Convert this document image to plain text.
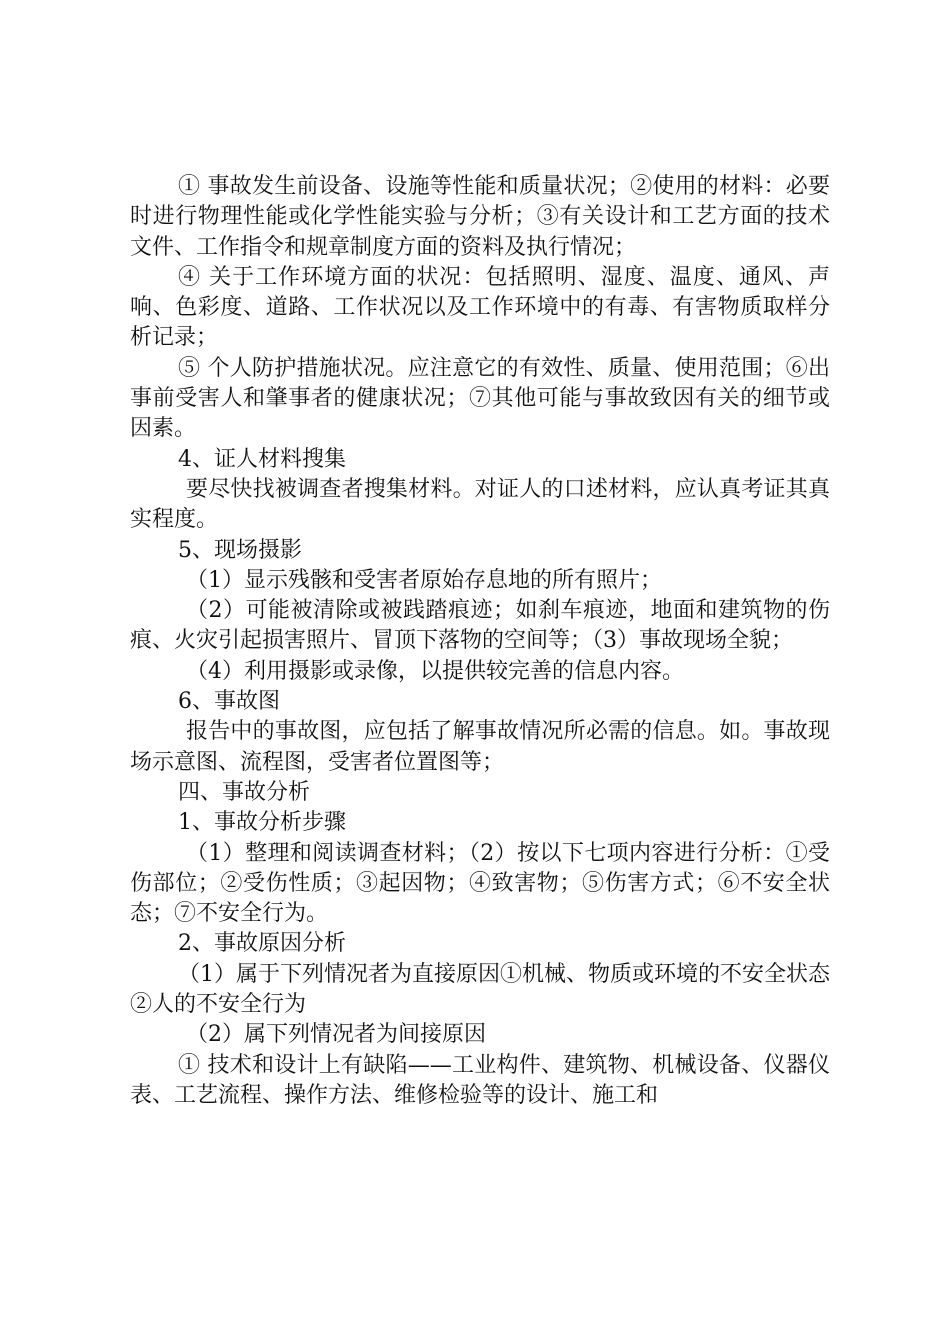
① 事故发生前设备、设施等性能和质量状况；②使用的材料：必要时进行物理性能或化学性能实验与分析；③有关设计和工艺方面的技术文件、工作指令和规章制度方面的资料及执行情况；

④ 关于工作环境方面的状况：包括照明、湿度、温度、通风、声响、色彩度、道路、工作状况以及工作环境中的有毒、有害物质取样分析记录；

⑤ 个人防护措施状况。应注意它的有效性、质量、使用范围；⑥出事前受害人和肇事者的健康状况；⑦其他可能与事故致因有关的细节或因素。

4、证人材料搜集

要尽快找被调查者搜集材料。对证人的口述材料，应认真考证其真实程度。

5、现场摄影

（1）显示残骸和受害者原始存息地的所有照片；

（2）可能被清除或被践踏痕迹；如刹车痕迹，地面和建筑物的伤痕、火灾引起损害照片、冒顶下落物的空间等；（3）事故现场全貌；

（4）利用摄影或录像，以提供较完善的信息内容。

6、事故图

报告中的事故图，应包括了解事故情况所必需的信息。如。事故现场示意图、流程图，受害者位置图等；

四、事故分析

1、事故分析步骤

（1）整理和阅读调查材料；（2）按以下七项内容进行分析：①受伤部位；②受伤性质；③起因物；④致害物；⑤伤害方式；⑥不安全状态；⑦不安全行为。

2、事故原因分析

（1）属于下列情况者为直接原因①机械、物质或环境的不安全状态②人的不安全行为

（2）属下列情况者为间接原因

① 技术和设计上有缺陷——工业构件、建筑物、机械设备、仪器仪表、工艺流程、操作方法、维修检验等的设计、施工和
